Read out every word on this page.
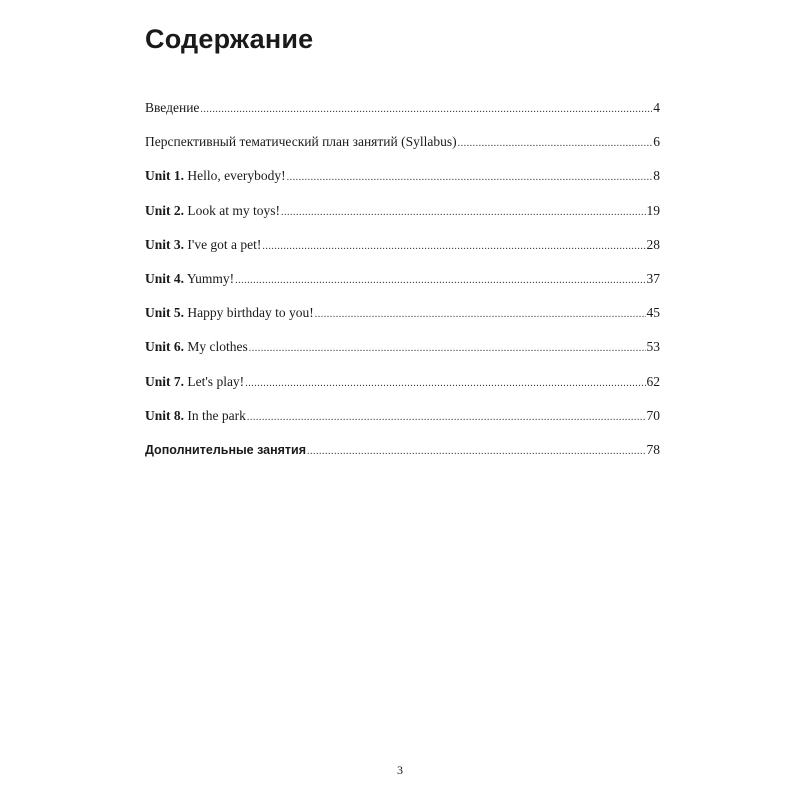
Содержание
Введение .....	4
Перспективный тематический план занятий (Syllabus) .....	6
Unit 1. Hello, everybody! .....	8
Unit 2. Look at my toys! .....	19
Unit 3. I've got a pet! .....	28
Unit 4. Yummy! .....	37
Unit 5. Happy birthday to you! .....	45
Unit 6. My clothes .....	53
Unit 7. Let's play! .....	62
Unit 8. In the park .....	70
Дополнительные занятия .....	78
3
